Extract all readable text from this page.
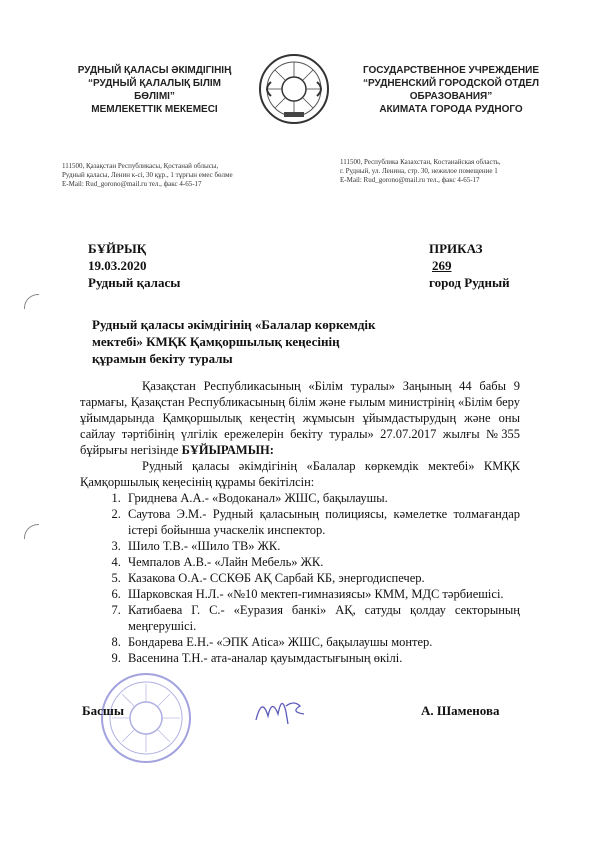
РУДНЫЙ ҚАЛАСЫ ӘКІМДІГІНІҢ
“РУДНЫЙ ҚАЛАЛЫҚ БІЛІМ
БӨЛІМІ”
МЕМЛЕКЕТТІК МЕКЕМЕСІ
ГОСУДАРСТВЕННОЕ УЧРЕЖДЕНИЕ
“РУДНЕНСКИЙ ГОРОДСКОЙ ОТДЕЛ
ОБРАЗОВАНИЯ”
АКИМАТА ГОРОДА РУДНОГО
111500, Қазақстан Республикасы, Қостанай облысы,
Рудный қаласы, Ленин к-сі, 30 құр., 1 тұрғын емес бөлме
E-Mail: Rud_gorono@mail.ru тел., факс 4-65-17
111500, Республика Казахстан, Костанайская область,
г. Рудный, ул. Ленина, стр. 30, нежилое помещение 1
E-Mail: Rud_gorono@mail.ru тел., факс 4-65-17
БҰЙРЫҚ
19.03.2020
Рудный қаласы
ПРИКАЗ
269
город Рудный
Рудный қаласы әкімдігінің «Балалар көркемдік
мектебі» КМҚК Қамқоршылық кеңесінің
құрамын бекіту туралы

Қазақстан Республикасының «Білім туралы» Заңының 44 бабы 9 тармағы, Қазақстан Республикасының білім және ғылым министрінің «Білім беру ұйымдарында Қамқоршылық кеңестің жұмысын ұйымдастырудың және оны сайлау тәртібінің үлгілік ережелерін бекіту туралы» 27.07.2017 жылғы №355 бұйрығы негізінде БҰЙЫРАМЫН:

Рудный қаласы әкімдігінің «Балалар көркемдік мектебі» КМҚК Қамқоршылық кеңесінің құрамы бекітілсін:

1. Гриднева А.А.- «Водоканал» ЖШС, бақылаушы.
2. Саутова Э.М.- Рудный қаласының полициясы, кәмелетке толмағандар істері бойынша учаскелік инспектор.
3. Шило Т.В.- «Шило ТВ» ЖК.
4. Чемпалов А.В.- «Лайн Мебель» ЖК.
5. Казакова О.А.- ССКӨБ АҚ Сарбай КБ, энергодиспечер.
6. Шарковская Н.Л.- «№10 мектеп-гимназиясы» КММ, МДС тәрбиешісі.
7. Катибаева Г. С.- «Еуразия банкі» АҚ, сатуды қолдау секторының меңгерушісі.
8. Бондарева Е.Н.- «ЭПК Atica» ЖШС, бақылаушы монтер.
9. Васенина Т.Н.- ата-аналар қауымдастығының өкілі.
Басшы	А. Шаменова
